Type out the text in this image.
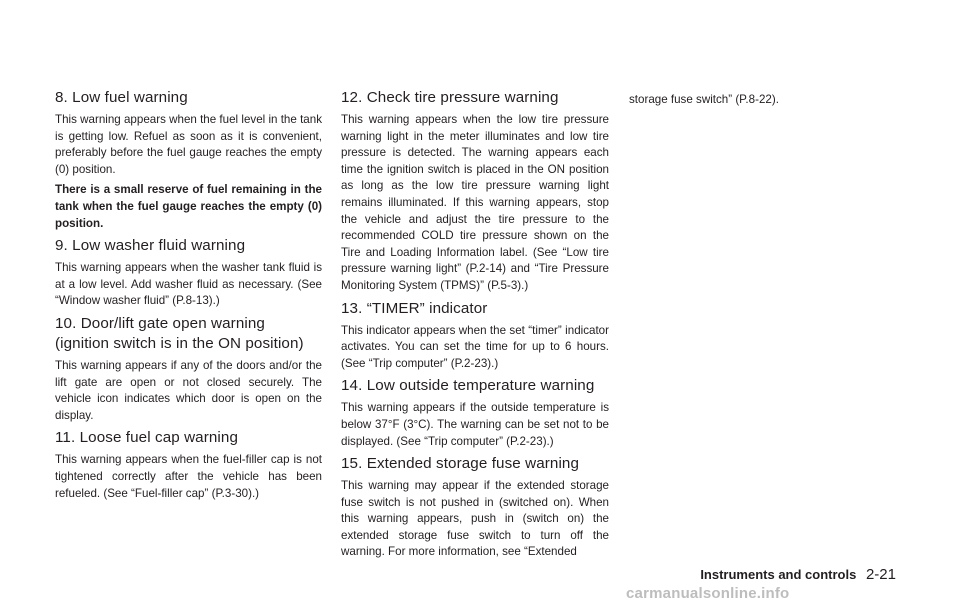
8. Low fuel warning

This warning appears when the fuel level in the tank is getting low. Refuel as soon as it is convenient, preferably before the fuel gauge reaches the empty (0) position.

There is a small reserve of fuel remaining in the tank when the fuel gauge reaches the empty (0) position.

9. Low washer fluid warning

This warning appears when the washer tank fluid is at a low level. Add washer fluid as necessary. (See “Window washer fluid” (P.8-13).)

10. Door/lift gate open warning (ignition switch is in the ON position)

This warning appears if any of the doors and/or the lift gate are open or not closed securely. The vehicle icon indicates which door is open on the display.

11. Loose fuel cap warning

This warning appears when the fuel-filler cap is not tightened correctly after the vehicle has been refueled. (See “Fuel-filler cap” (P.3-30).)

12. Check tire pressure warning

This warning appears when the low tire pressure warning light in the meter illuminates and low tire pressure is detected. The warning appears each time the ignition switch is placed in the ON position as long as the low tire pressure warning light remains illuminated. If this warning appears, stop the vehicle and adjust the tire pressure to the recommended COLD tire pressure shown on the Tire and Loading Information label. (See “Low tire pressure warning light” (P.2-14) and “Tire Pressure Monitoring System (TPMS)” (P.5-3).)

13. “TIMER” indicator

This indicator appears when the set “timer” indicator activates. You can set the time for up to 6 hours. (See “Trip computer” (P.2-23).)

14. Low outside temperature warning

This warning appears if the outside temperature is below 37°F (3°C). The warning can be set not to be displayed. (See “Trip computer” (P.2-23).)

15. Extended storage fuse warning

This warning may appear if the extended storage fuse switch is not pushed in (switched on). When this warning appears, push in (switch on) the extended storage fuse switch to turn off the warning. For more information, see “Extended

storage fuse switch” (P.8-22).

Instruments and controls 2-21
carmanualsonline.info
